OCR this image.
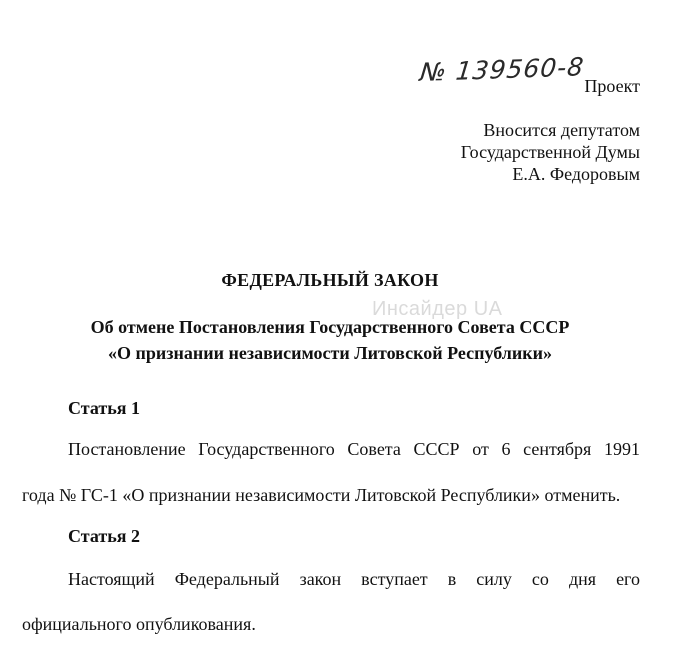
№ 139560-8
Проект
Вносится депутатом
Государственной Думы
Е.А. Федоровым
ФЕДЕРАЛЬНЫЙ ЗАКОН
Инсайдер UA
Об отмене Постановления Государственного Совета СССР
«О признании независимости Литовской Республики»
Статья 1
Постановление Государственного Совета СССР от 6 сентября 1991
года № ГС-1 «О признании независимости Литовской Республики» отменить.
Статья 2
Настоящий Федеральный закон вступает в силу со дня его
официального опубликования.
